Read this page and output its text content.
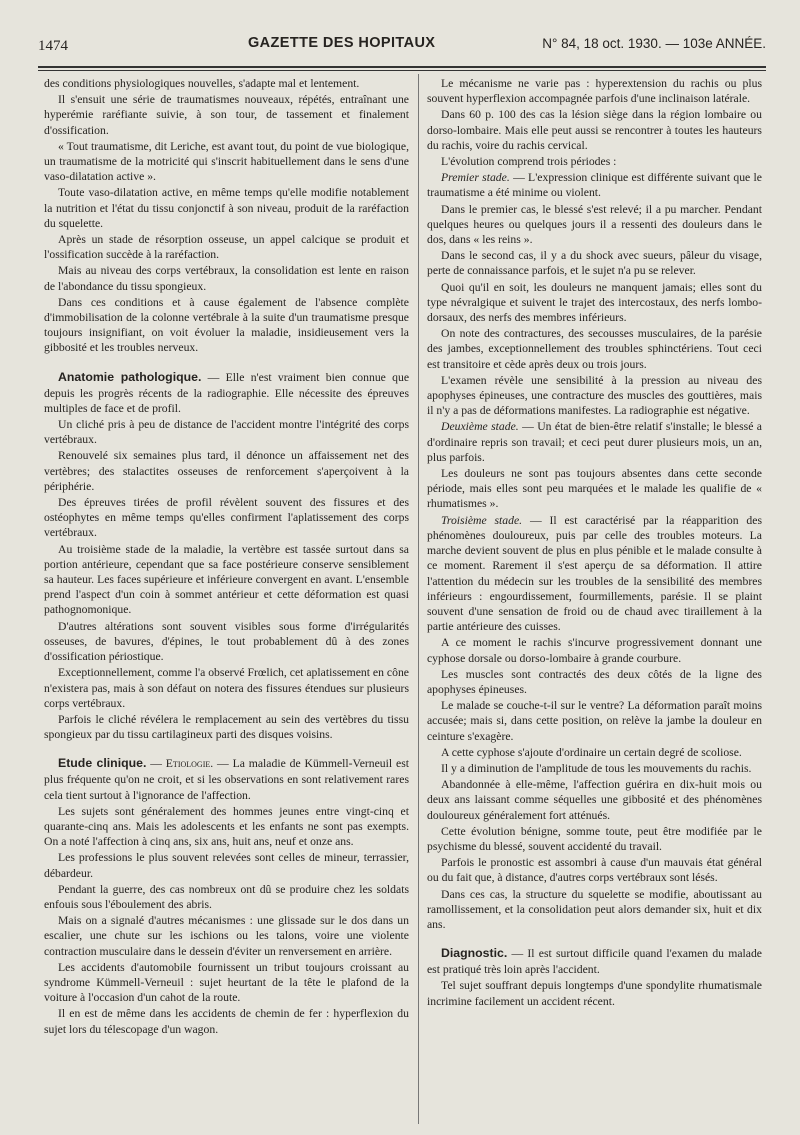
1474	GAZETTE DES HOPITAUX	N° 84, 18 oct. 1930. — 103e ANNÉE.

des conditions physiologiques nouvelles, s'adapte mal et lentement.

Il s'ensuit une série de traumatismes nouveaux, répétés, entraînant une hyperémie raréfiante suivie, à son tour, de tassement et finalement d'ossification.

« Tout traumatisme, dit Leriche, est avant tout, du point de vue biologique, un traumatisme de la motricité qui s'inscrit habituellement dans le sens d'une vaso-dilatation active ».

Toute vaso-dilatation active, en même temps qu'elle modifie notablement la nutrition et l'état du tissu conjonctif à son niveau, produit de la raréfaction du squelette.

Après un stade de résorption osseuse, un appel calcique se produit et l'ossification succède à la raréfaction.

Mais au niveau des corps vertébraux, la consolidation est lente en raison de l'abondance du tissu spongieux.

Dans ces conditions et à cause également de l'absence complète d'immobilisation de la colonne vertébrale à la suite d'un traumatisme presque toujours insignifiant, on voit évoluer la maladie, insidieusement vers la gibbosité et les troubles nerveux.

Anatomie pathologique. — Elle n'est vraiment bien connue que depuis les progrès récents de la radiographie. Elle nécessite des épreuves multiples de face et de profil.

Un cliché pris à peu de distance de l'accident montre l'intégrité des corps vertébraux.

Renouvelé six semaines plus tard, il dénonce un affaissement net des vertèbres; des stalactites osseuses de renforcement s'aperçoivent à la périphérie.

Des épreuves tirées de profil révèlent souvent des fissures et des ostéophytes en même temps qu'elles confirment l'aplatissement des corps vertébraux.

Au troisième stade de la maladie, la vertèbre est tassée surtout dans sa portion antérieure, cependant que sa face postérieure conserve sensiblement sa hauteur. Les faces supérieure et inférieure convergent en avant. L'ensemble prend l'aspect d'un coin à sommet antérieur et cette déformation est quasi pathognomonique.

D'autres altérations sont souvent visibles sous forme d'irrégularités osseuses, de bavures, d'épines, le tout probablement dû à des zones d'ossification périostique.

Exceptionnellement, comme l'a observé Frœlich, cet aplatissement en cône n'existera pas, mais à son défaut on notera des fissures étendues sur plusieurs corps vertébraux.

Parfois le cliché révélera le remplacement au sein des vertèbres du tissu spongieux par du tissu cartilagineux parti des disques voisins.

Etude clinique. — Etiologie. — La maladie de Kümmell-Verneuil est plus fréquente qu'on ne croit, et si les observations en sont relativement rares cela tient surtout à l'ignorance de l'affection.

Les sujets sont généralement des hommes jeunes entre vingt-cinq et quarante-cinq ans. Mais les adolescents et les enfants ne sont pas exempts. On a noté l'affection à cinq ans, six ans, huit ans, neuf et onze ans.

Les professions le plus souvent relevées sont celles de mineur, terrassier, débardeur.

Pendant la guerre, des cas nombreux ont dû se produire chez les soldats enfouis sous l'éboulement des abris.

Mais on a signalé d'autres mécanismes : une glissade sur le dos dans un escalier, une chute sur les ischions ou les talons, voire une violente contraction musculaire dans le dessein d'éviter un renversement en arrière.

Les accidents d'automobile fournissent un tribut toujours croissant au syndrome Kümmell-Verneuil : sujet heurtant de la tête le plafond de la voiture à l'occasion d'un cahot de la route.

Il en est de même dans les accidents de chemin de fer : hyperflexion du sujet lors du télescopage d'un wagon.

Le mécanisme ne varie pas : hyperextension du rachis ou plus souvent hyperflexion accompagnée parfois d'une inclinaison latérale.

Dans 60 p. 100 des cas la lésion siège dans la région lombaire ou dorso-lombaire. Mais elle peut aussi se rencontrer à toutes les hauteurs du rachis, voire du rachis cervical.

L'évolution comprend trois périodes :

Premier stade. — L'expression clinique est différente suivant que le traumatisme a été minime ou violent.

Dans le premier cas, le blessé s'est relevé; il a pu marcher. Pendant quelques heures ou quelques jours il a ressenti des douleurs dans le dos, dans « les reins ».

Dans le second cas, il y a du shock avec sueurs, pâleur du visage, perte de connaissance parfois, et le sujet n'a pu se relever.

Quoi qu'il en soit, les douleurs ne manquent jamais; elles sont du type névralgique et suivent le trajet des intercostaux, des nerfs lombo-dorsaux, des nerfs des membres inférieurs.

On note des contractures, des secousses musculaires, de la parésie des jambes, exceptionnellement des troubles sphinctériens. Tout ceci est transitoire et cède après deux ou trois jours.

L'examen révèle une sensibilité à la pression au niveau des apophyses épineuses, une contracture des muscles des gouttières, mais il n'y a pas de déformations manifestes. La radiographie est négative.

Deuxième stade. — Un état de bien-être relatif s'installe; le blessé a d'ordinaire repris son travail; et ceci peut durer plusieurs mois, un an, plus parfois.

Les douleurs ne sont pas toujours absentes dans cette seconde période, mais elles sont peu marquées et le malade les qualifie de « rhumatismes ».

Troisième stade. — Il est caractérisé par la réapparition des phénomènes douloureux, puis par celle des troubles moteurs. La marche devient souvent de plus en plus pénible et le malade consulte à ce moment. Rarement il s'est aperçu de sa déformation. Il attire l'attention du médecin sur les troubles de la sensibilité des membres inférieurs : engourdissement, fourmillements, parésie. Il se plaint souvent d'une sensation de froid ou de chaud avec tiraillement à la partie antérieure des cuisses.

A ce moment le rachis s'incurve progressivement donnant une cyphose dorsale ou dorso-lombaire à grande courbure.

Les muscles sont contractés des deux côtés de la ligne des apophyses épineuses.

Le malade se couche-t-il sur le ventre? La déformation paraît moins accusée; mais si, dans cette position, on relève la jambe la douleur en ceinture s'exagère.

A cette cyphose s'ajoute d'ordinaire un certain degré de scoliose.

Il y a diminution de l'amplitude de tous les mouvements du rachis.

Abandonnée à elle-même, l'affection guérira en dix-huit mois ou deux ans laissant comme séquelles une gibbosité et des phénomènes douloureux généralement fort atténués.

Cette évolution bénigne, somme toute, peut être modifiée par le psychisme du blessé, souvent accidenté du travail.

Parfois le pronostic est assombri à cause d'un mauvais état général ou du fait que, à distance, d'autres corps vertébraux sont lésés.

Dans ces cas, la structure du squelette se modifie, aboutissant au ramollissement, et la consolidation peut alors demander six, huit et dix ans.

Diagnostic. — Il est surtout difficile quand l'examen du malade est pratiqué très loin après l'accident.

Tel sujet souffrant depuis longtemps d'une spondylite rhumatismale incrimine facilement un accident récent.
